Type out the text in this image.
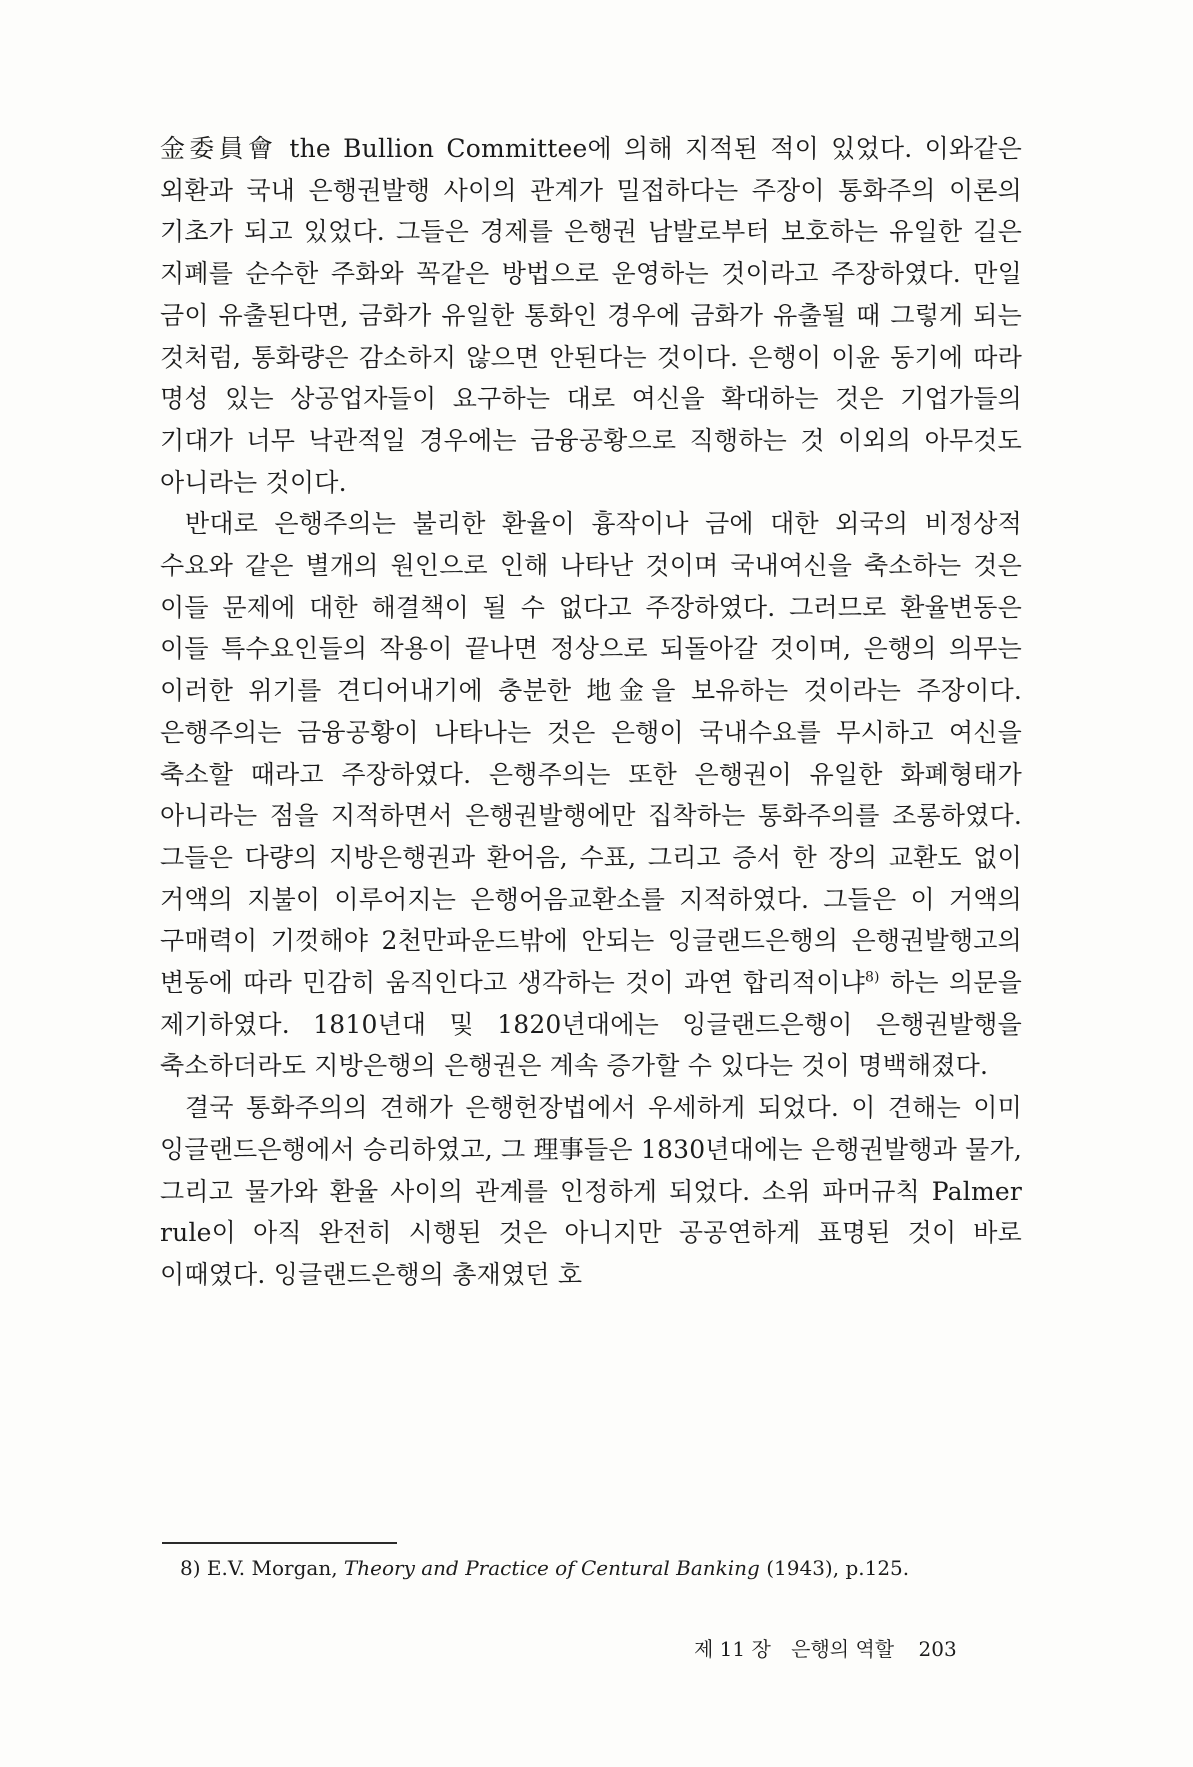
金委員會 the Bullion Committee에 의해 지적된 적이 있었다. 이와같은 외환과 국내 은행권발행 사이의 관계가 밀접하다는 주장이 통화주의 이론의 기초가 되고 있었다. 그들은 경제를 은행권 남발로부터 보호하는 유일한 길은 지폐를 순수한 주화와 꼭같은 방법으로 운영하는 것이라고 주장하였다. 만일 금이 유출된다면, 금화가 유일한 통화인 경우에 금화가 유출될 때 그렇게 되는 것처럼, 통화량은 감소하지 않으면 안된다는 것이다. 은행이 이윤 동기에 따라 명성 있는 상공업자들이 요구하는 대로 여신을 확대하는 것은 기업가들의 기대가 너무 낙관적일 경우에는 금융공황으로 직행하는 것 이외의 아무것도 아니라는 것이다.

반대로 은행주의는 불리한 환율이 흉작이나 금에 대한 외국의 비정상적 수요와 같은 별개의 원인으로 인해 나타난 것이며 국내여신을 축소하는 것은 이들 문제에 대한 해결책이 될 수 없다고 주장하였다. 그러므로 환율변동은 이들 특수요인들의 작용이 끝나면 정상으로 되돌아갈 것이며, 은행의 의무는 이러한 위기를 견디어내기에 충분한 地金을 보유하는 것이라는 주장이다. 은행주의는 금융공황이 나타나는 것은 은행이 국내수요를 무시하고 여신을 축소할 때라고 주장하였다. 은행주의는 또한 은행권이 유일한 화폐형태가 아니라는 점을 지적하면서 은행권발행에만 집착하는 통화주의를 조롱하였다. 그들은 다량의 지방은행권과 환어음, 수표, 그리고 증서 한 장의 교환도 없이 거액의 지불이 이루어지는 은행어음교환소를 지적하였다. 그들은 이 거액의 구매력이 기껏해야 2천만파운드밖에 안되는 잉글랜드은행의 은행권발행고의 변동에 따라 민감히 움직인다고 생각하는 것이 과연 합리적이냐$^{8)}$ 하는 의문을 제기하였다. 1810년대 및 1820년대에는 잉글랜드은행이 은행권발행을 축소하더라도 지방은행의 은행권은 계속 증가할 수 있다는 것이 명백해졌다.

결국 통화주의의 견해가 은행헌장법에서 우세하게 되었다. 이 견해는 이미 잉글랜드은행에서 승리하였고, 그 理事들은 1830년대에는 은행권발행과 물가, 그리고 물가와 환율 사이의 관계를 인정하게 되었다. 소위 파머규칙 Palmer rule이 아직 완전히 시행된 것은 아니지만 공공연하게 표명된 것이 바로 이때였다. 잉글랜드은행의 총재였던 호

8) E.V. Morgan, Theory and Practice of Centural Banking (1943), p.125.
제 11 장 은행의 역할 203
